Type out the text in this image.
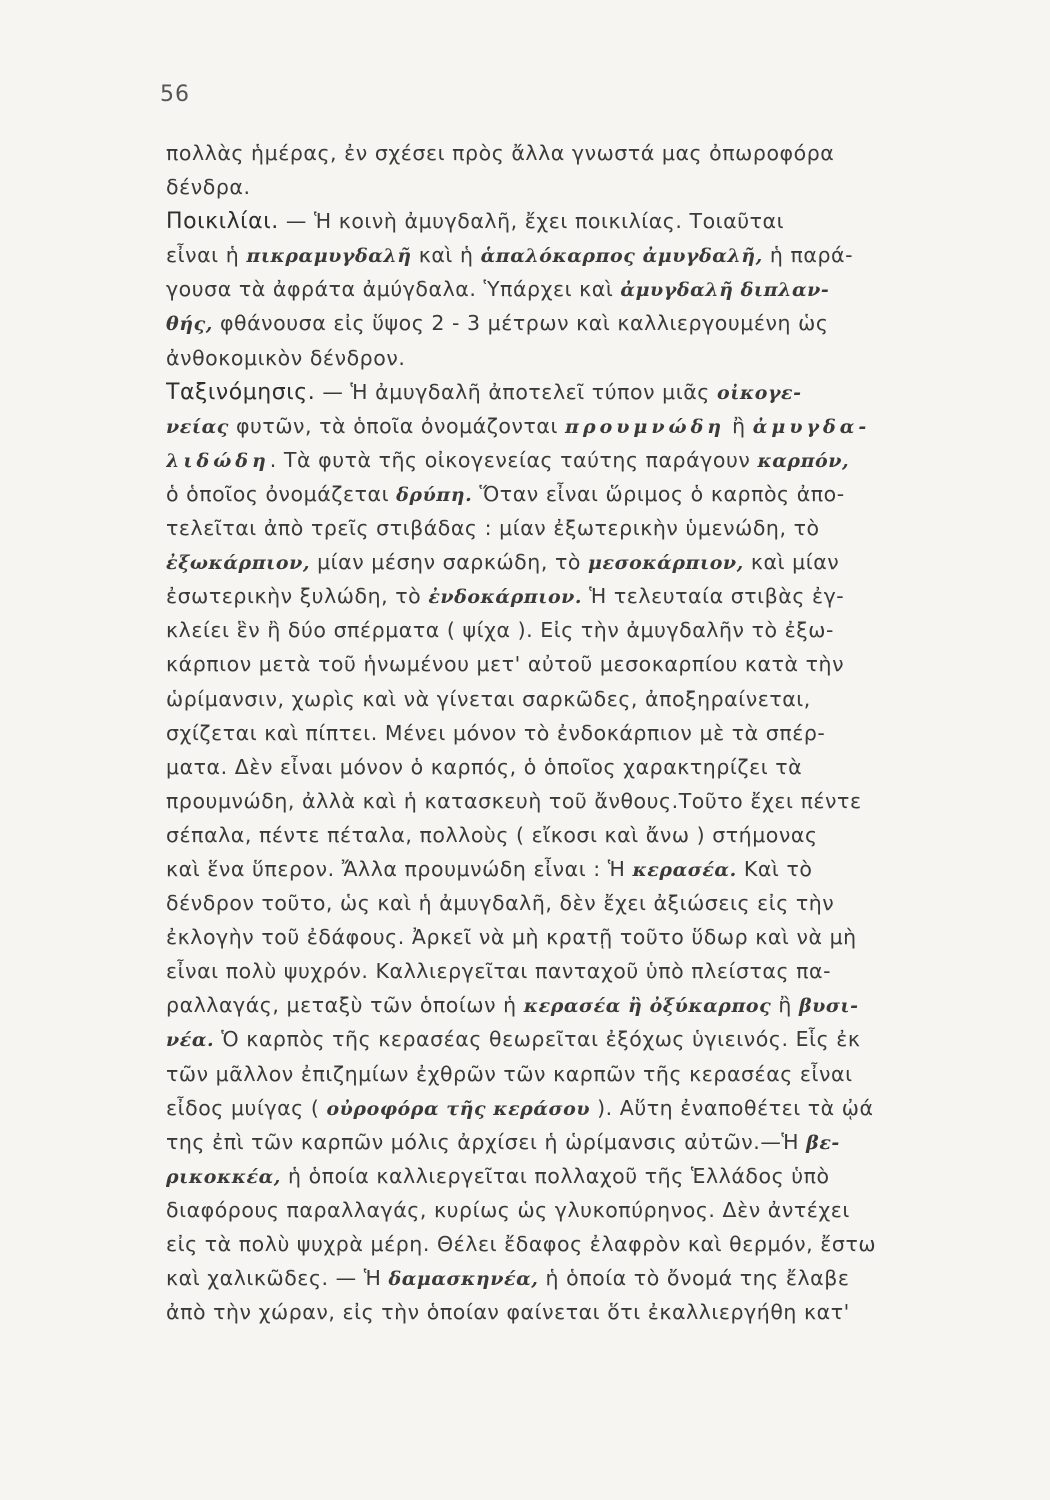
56
πολλὰς ἡμέρας, ἐν σχέσει πρὸς ἄλλα γνωστά μας ὀπωροφόρα
δένδρα.
Ποικιλίαι. — Ἡ κοινὴ ἀμυγδαλῆ, ἔχει ποικιλίας. Τοιαῦται
εἶναι ἡ πικραμυγδαλῆ καὶ ἡ ἁπαλόκαρπος ἀμυγδαλῆ, ἡ παρά-
γουσα τὰ ἀφράτα ἀμύγδαλα. Ὑπάρχει καὶ ἀμυγδαλῆ διπλαν-
θής, φθάνουσα εἰς ὕψος 2 - 3 μέτρων καὶ καλλιεργουμένη ὡς
ἀνθοκομικὸν δένδρον.
Ταξινόμησις. — Ἡ ἀμυγδαλῆ ἀποτελεῖ τύπον μιᾶς οἰκογε-
νείας φυτῶν, τὰ ὁποῖα ὀνομάζονται προυμνώδη ἢ ἀμυγδα-
λιδώδη. Τὰ φυτὰ τῆς οἰκογενείας ταύτης παράγουν καρπόν,
ὁ ὁποῖος ὀνομάζεται δρύπη. Ὅταν εἶναι ὥριμος ὁ καρπὸς ἀπο-
τελεῖται ἀπὸ τρεῖς στιβάδας : μίαν ἐξωτερικὴν ὑμενώδη, τὸ
ἐξωκάρπιον, μίαν μέσην σαρκώδη, τὸ μεσοκάρπιον, καὶ μίαν
ἐσωτερικὴν ξυλώδη, τὸ ἐνδοκάρπιον. Ἡ τελευταία στιβὰς ἐγ-
κλείει ἓν ἢ δύο σπέρματα ( ψίχα ). Εἰς τὴν ἀμυγδαλῆν τὸ ἐξω-
κάρπιον μετὰ τοῦ ἡνωμένου μετ' αὐτοῦ μεσοκαρπίου κατὰ τὴν
ὡρίμανσιν, χωρὶς καὶ νὰ γίνεται σαρκῶδες, ἀποξηραίνεται,
σχίζεται καὶ πίπτει. Μένει μόνον τὸ ἐνδοκάρπιον μὲ τὰ σπέρ-
ματα. Δὲν εἶναι μόνον ὁ καρπός, ὁ ὁποῖος χαρακτηρίζει τὰ
προυμνώδη, ἀλλὰ καὶ ἡ κατασκευὴ τοῦ ἄνθους.Τοῦτο ἔχει πέντε
σέπαλα, πέντε πέταλα, πολλοὺς ( εἴκοσι καὶ ἄνω ) στήμονας
καὶ ἕνα ὕπερον. Ἄλλα προυμνώδη εἶναι : Ἡ κερασέα. Καὶ τὸ
δένδρον τοῦτο, ὡς καὶ ἡ ἀμυγδαλῆ, δὲν ἔχει ἀξιώσεις εἰς τὴν
ἐκλογὴν τοῦ ἐδάφους. Ἀρκεῖ νὰ μὴ κρατῇ τοῦτο ὕδωρ καὶ νὰ μὴ
εἶναι πολὺ ψυχρόν. Καλλιεργεῖται πανταχοῦ ὑπὸ πλείστας πα-
ραλλαγάς, μεταξὺ τῶν ὁποίων ἡ κερασέα ἢ ὀξύκαρπος ἢ βυσι-
νέα. Ὁ καρπὸς τῆς κερασέας θεωρεῖται ἐξόχως ὑγιεινός. Εἷς ἐκ
τῶν μᾶλλον ἐπιζημίων ἐχθρῶν τῶν καρπῶν τῆς κερασέας εἶναι
εἶδος μυίγας ( οὐροφόρα τῆς κεράσου ). Αὕτη ἐναποθέτει τὰ ᾠά
της ἐπὶ τῶν καρπῶν μόλις ἀρχίσει ἡ ὡρίμανσις αὐτῶν.—Ἡ βε-
ρικοκκέα, ἡ ὁποία καλλιεργεῖται πολλαχοῦ τῆς Ἑλλάδος ὑπὸ
διαφόρους παραλλαγάς, κυρίως ὡς γλυκοπύρηνος. Δὲν ἀντέχει
εἰς τὰ πολὺ ψυχρὰ μέρη. Θέλει ἔδαφος ἐλαφρὸν καὶ θερμόν, ἔστω
καὶ χαλικῶδες. — Ἡ δαμασκηνέα, ἡ ὁποία τὸ ὄνομά της ἔλαβε
ἀπὸ τὴν χώραν, εἰς τὴν ὁποίαν φαίνεται ὅτι ἐκαλλιεργήθη κατ'
